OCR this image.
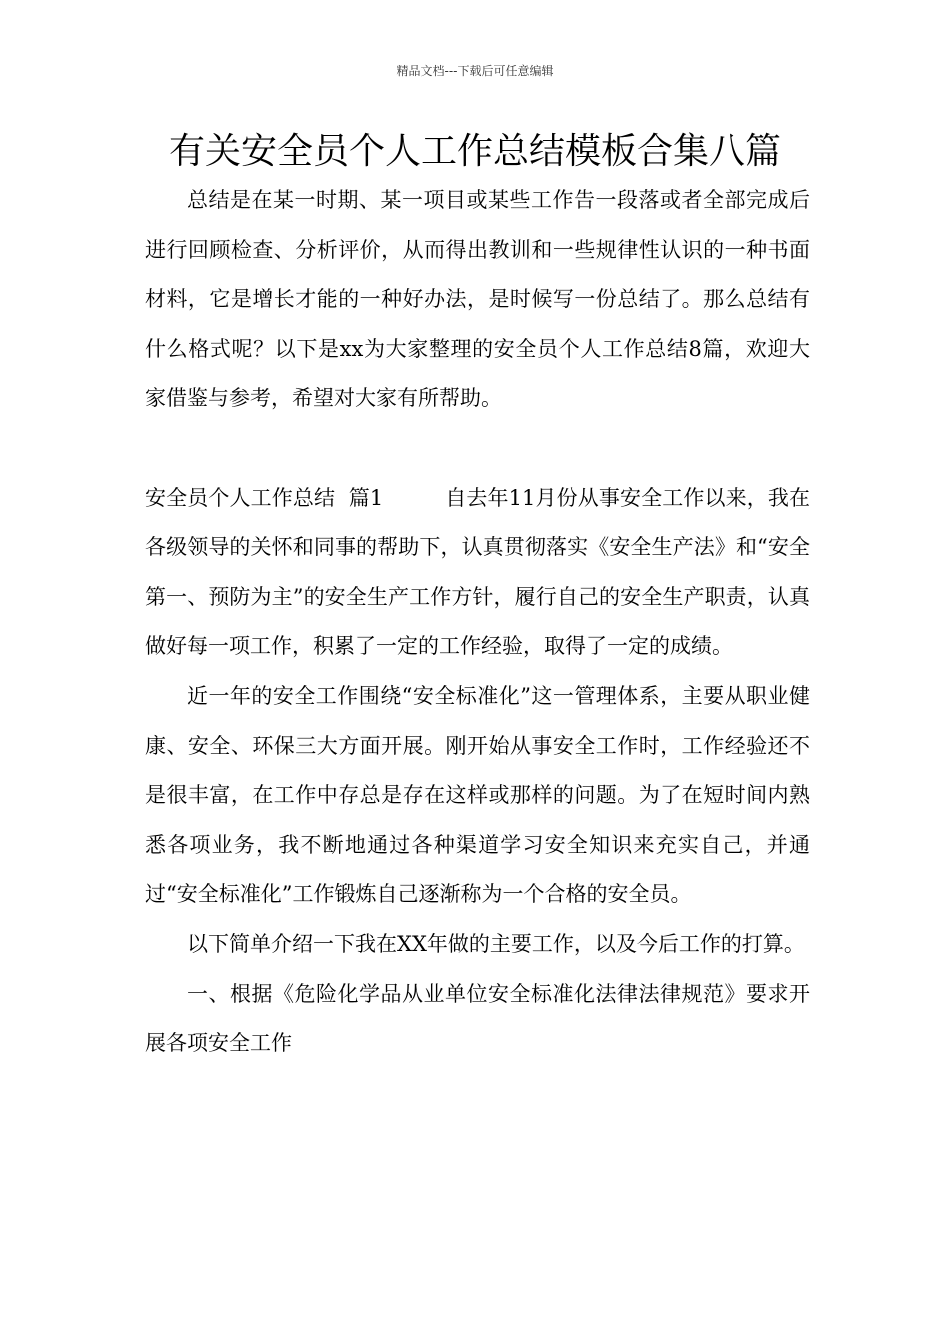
精品文档---下载后可任意编辑
有关安全员个人工作总结模板合集八篇

总结是在某一时期、某一项目或某些工作告一段落或者全部完成后进行回顾检查、分析评价，从而得出教训和一些规律性认识的一种书面材料，它是增长才能的一种好办法，是时候写一份总结了。那么总结有什么格式呢？以下是xx为大家整理的安全员个人工作总结8篇，欢迎大家借鉴与参考，希望对大家有所帮助。

安全员个人工作总结  篇1	自去年11月份从事安全工作以来，我在各级领导的关怀和同事的帮助下，认真贯彻落实《安全生产法》和“安全第一、预防为主”的安全生产工作方针，履行自己的安全生产职责，认真做好每一项工作，积累了一定的工作经验，取得了一定的成绩。

近一年的安全工作围绕“安全标准化”这一管理体系，主要从职业健康、安全、环保三大方面开展。刚开始从事安全工作时，工作经验还不是很丰富，在工作中存总是存在这样或那样的问题。为了在短时间内熟悉各项业务，我不断地通过各种渠道学习安全知识来充实自己，并通过“安全标准化”工作锻炼自己逐渐称为一个合格的安全员。

以下简单介绍一下我在XX年做的主要工作，以及今后工作的打算。

一、根据《危险化学品从业单位安全标准化法律法律规范》要求开展各项安全工作
